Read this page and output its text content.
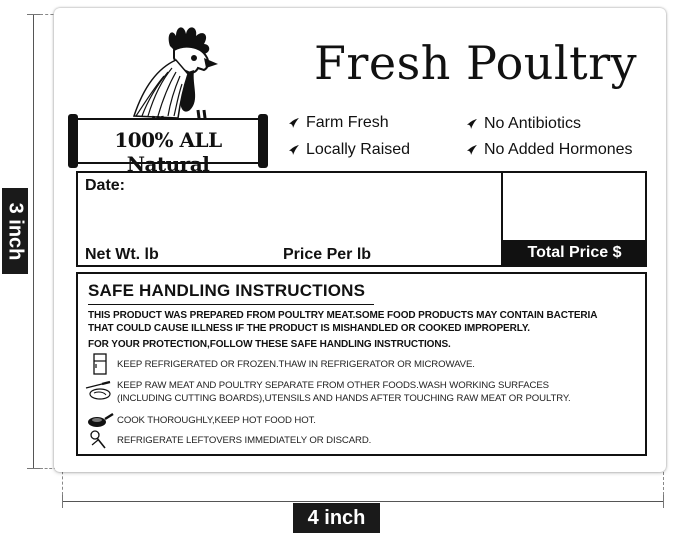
3 inch
4 inch
100% ALL Natural
Fresh Poultry
Farm Fresh	No Antibiotics
Locally Raised	No Added Hormones
Date:
Net Wt. lb	Price Per lb	Total Price $
SAFE HANDLING INSTRUCTIONS
THIS PRODUCT WAS PREPARED FROM POULTRY MEAT.SOME FOOD PRODUCTS MAY CONTAIN BACTERIA
THAT COULD CAUSE ILLNESS IF THE PRODUCT IS MISHANDLED OR COOKED IMPROPERLY.
FOR YOUR PROTECTION,FOLLOW THESE SAFE HANDLING INSTRUCTIONS.
KEEP REFRIGERATED OR FROZEN.THAW IN REFRIGERATOR OR MICROWAVE.
KEEP RAW MEAT AND POULTRY SEPARATE FROM OTHER FOODS.WASH WORKING SURFACES
(INCLUDING CUTTING BOARDS),UTENSILS AND HANDS AFTER TOUCHING RAW MEAT OR POULTRY.
COOK THOROUGHLY,KEEP HOT FOOD HOT.
REFRIGERATE LEFTOVERS IMMEDIATELY OR DISCARD.
